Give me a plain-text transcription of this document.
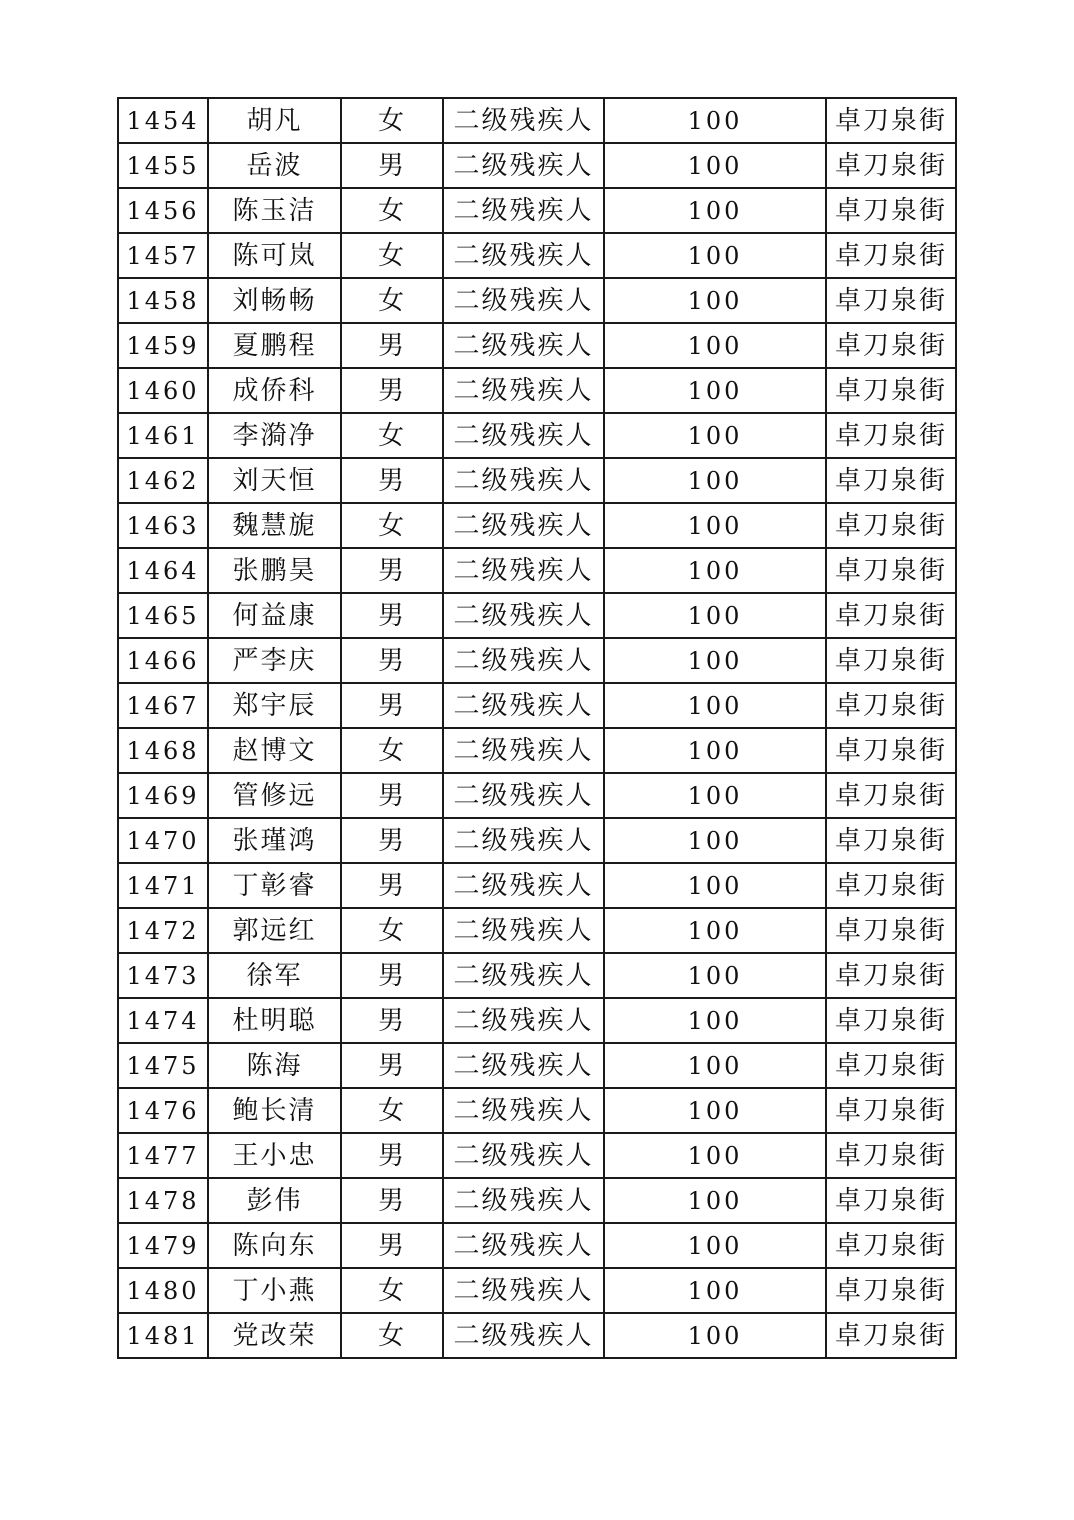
1454	胡凡	女	二级残疾人	100	卓刀泉街
1455	岳波	男	二级残疾人	100	卓刀泉街
1456	陈玉洁	女	二级残疾人	100	卓刀泉街
1457	陈可岚	女	二级残疾人	100	卓刀泉街
1458	刘畅畅	女	二级残疾人	100	卓刀泉街
1459	夏鹏程	男	二级残疾人	100	卓刀泉街
1460	成侨科	男	二级残疾人	100	卓刀泉街
1461	李漪净	女	二级残疾人	100	卓刀泉街
1462	刘天恒	男	二级残疾人	100	卓刀泉街
1463	魏慧旎	女	二级残疾人	100	卓刀泉街
1464	张鹏昊	男	二级残疾人	100	卓刀泉街
1465	何益康	男	二级残疾人	100	卓刀泉街
1466	严李庆	男	二级残疾人	100	卓刀泉街
1467	郑宇辰	男	二级残疾人	100	卓刀泉街
1468	赵博文	女	二级残疾人	100	卓刀泉街
1469	管修远	男	二级残疾人	100	卓刀泉街
1470	张瑾鸿	男	二级残疾人	100	卓刀泉街
1471	丁彰睿	男	二级残疾人	100	卓刀泉街
1472	郭远红	女	二级残疾人	100	卓刀泉街
1473	徐军	男	二级残疾人	100	卓刀泉街
1474	杜明聪	男	二级残疾人	100	卓刀泉街
1475	陈海	男	二级残疾人	100	卓刀泉街
1476	鲍长清	女	二级残疾人	100	卓刀泉街
1477	王小忠	男	二级残疾人	100	卓刀泉街
1478	彭伟	男	二级残疾人	100	卓刀泉街
1479	陈向东	男	二级残疾人	100	卓刀泉街
1480	丁小燕	女	二级残疾人	100	卓刀泉街
1481	党改荣	女	二级残疾人	100	卓刀泉街
